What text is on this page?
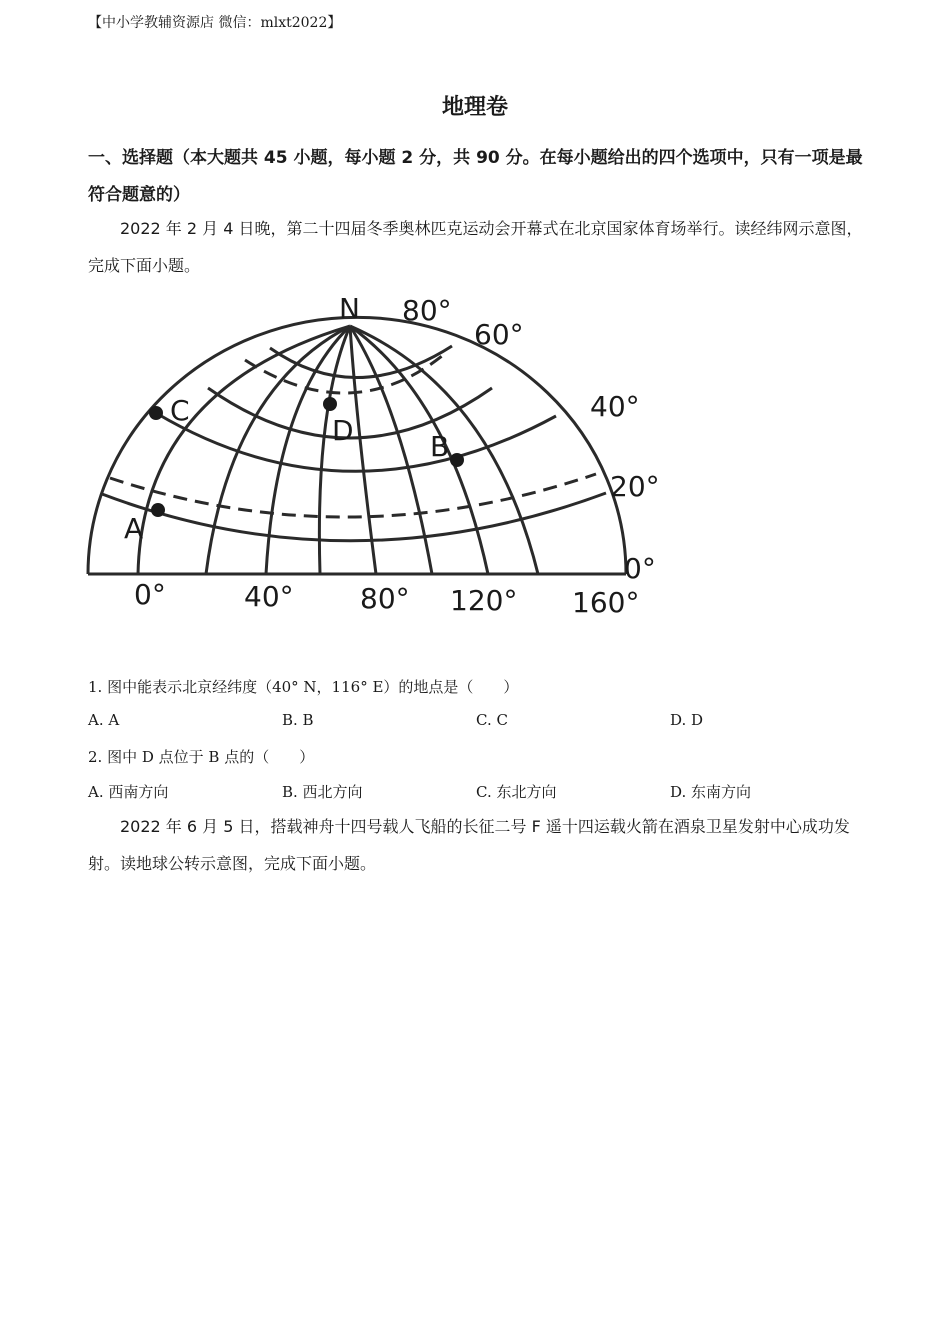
【中小学教辅资源店 微信：mlxt2022】
地理卷
一、选择题（本大题共 45 小题，每小题 2 分，共 90 分。在每小题给出的四个选项中，只有一项是最符合题意的）
2022 年 2 月 4 日晚，第二十四届冬季奥林匹克运动会开幕式在北京国家体育场举行。读经纬网示意图，完成下面小题。
N 80°
60°
40°
20°
0°
0°	40° 80° 120° 160°
A
B
C
D
1. 图中能表示北京经纬度（40° N，116° E）的地点是（　　）
A. A	B. B	C. C	D. D
2. 图中 D 点位于 B 点的（　　）
A. 西南方向	B. 西北方向	C. 东北方向	D. 东南方向
2022 年 6 月 5 日，搭载神舟十四号载人飞船的长征二号 F 遥十四运载火箭在酒泉卫星发射中心成功发射。读地球公转示意图，完成下面小题。
